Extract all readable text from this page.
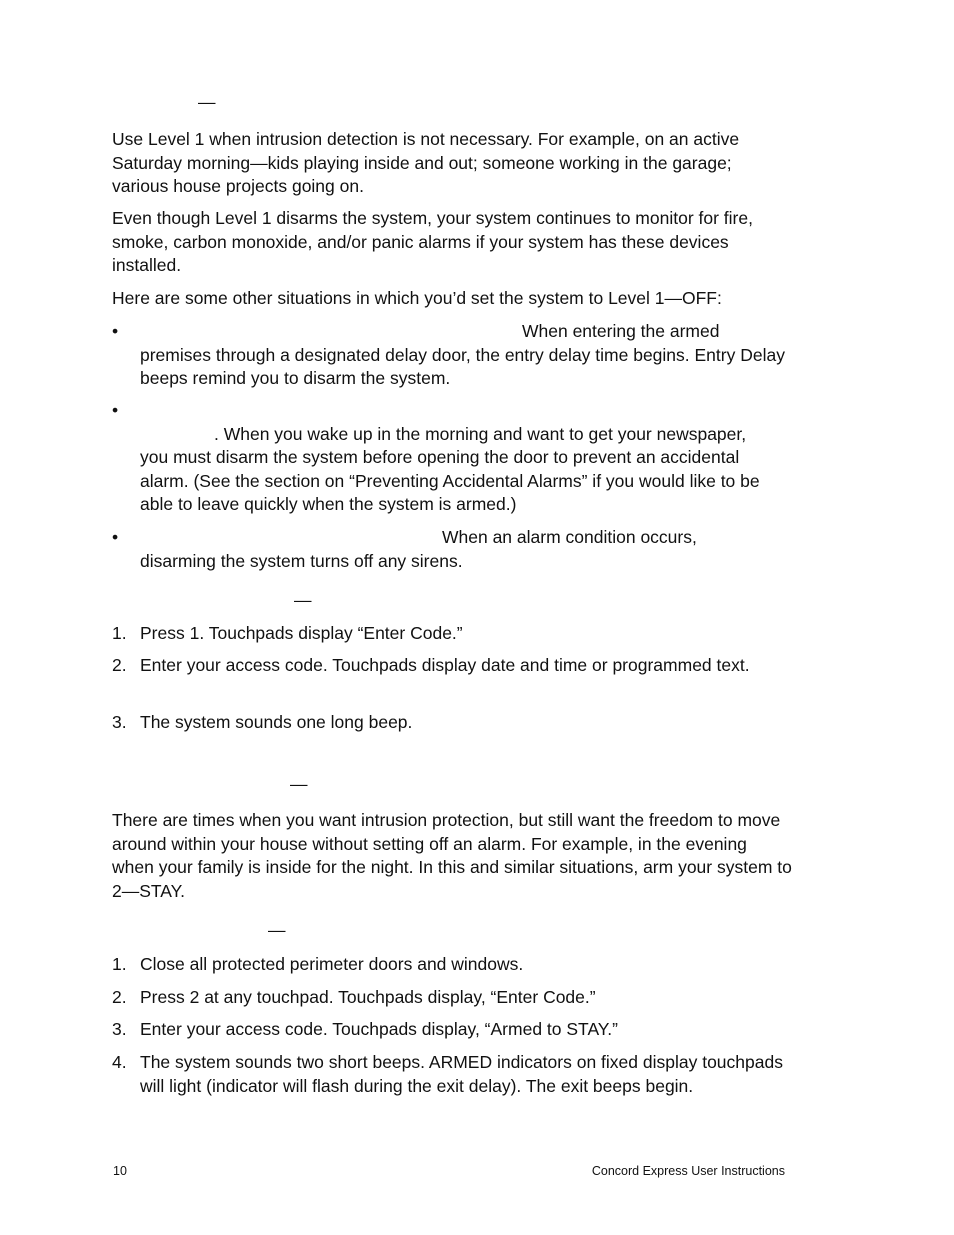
—

Use Level 1 when intrusion detection is not necessary. For example, on an active Saturday morning—kids playing inside and out; someone working in the garage; various house projects going on.

Even though Level 1 disarms the system, your system continues to monitor for fire, smoke, carbon monoxide, and/or panic alarms if your system has these devices installed.

Here are some other situations in which you’d set the system to Level 1—OFF:

•	When entering the armed
premises through a designated delay door, the entry delay time begins. Entry Delay beeps remind you to disarm the system.
•
. When you wake up in the morning and want to get your newspaper,
you must disarm the system before opening the door to prevent an accidental alarm. (See the section on “Preventing Accidental Alarms” if you would like to be able to leave quickly when the system is armed.)
•	When an alarm condition occurs,
disarming the system turns off any sirens.
—
1. Press 1. Touchpads display “Enter Code.”
2. Enter your access code. Touchpads display date and time or programmed text.
3. The system sounds one long beep.
—

There are times when you want intrusion protection, but still want the freedom to move around within your house without setting off an alarm. For example, in the evening when your family is inside for the night. In this and similar situations, arm your system to 2—STAY.

—
1. Close all protected perimeter doors and windows.
2. Press 2 at any touchpad. Touchpads display, “Enter Code.”
3. Enter your access code. Touchpads display, “Armed to STAY.”
4. The system sounds two short beeps. ARMED indicators on fixed display touchpads will light (indicator will flash during the exit delay). The exit beeps begin.
10	Concord Express User Instructions
